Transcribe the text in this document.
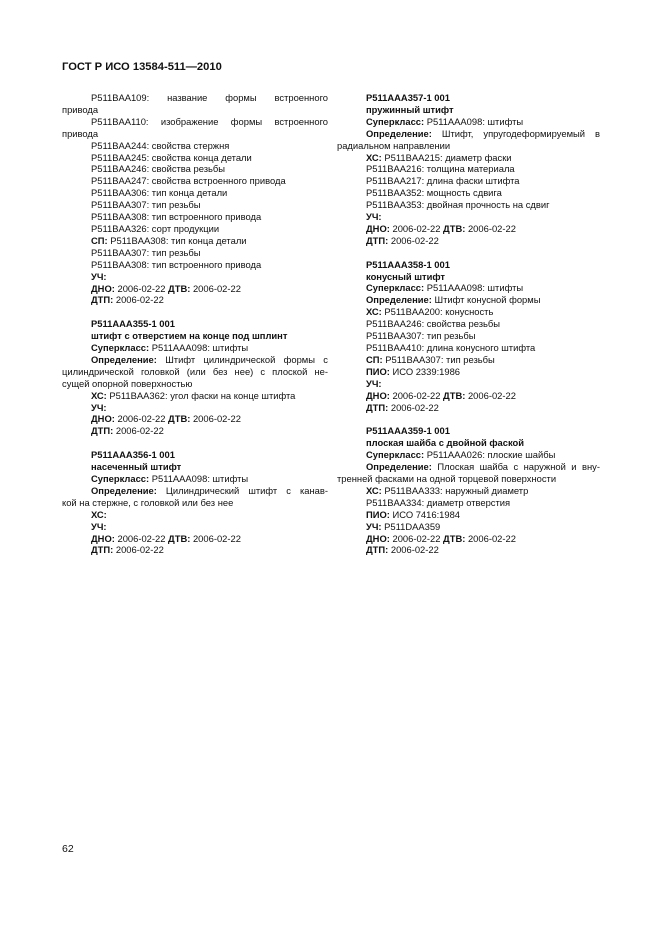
ГОСТ Р ИСО 13584-511—2010
P511BAA109: название формы встроенного
привода
P511BAA110: изображение формы встроенного
привода
P511BAA244: свойства стержня
P511BAA245: свойства конца детали
P511BAA246: свойства резьбы
P511BAA247: свойства встроенного привода
P511BAA306: тип конца детали
P511BAA307: тип резьбы
P511BAA308: тип встроенного привода
P511BAA326: сорт продукции
СП: P511BAA308: тип конца детали
P511BAA307: тип резьбы
P511BAA308: тип встроенного привода
УЧ:
ДНО: 2006-02-22 ДТВ: 2006-02-22
ДТП: 2006-02-22
P511AAA355-1 001
штифт с отверстием на конце под шплинт
Суперкласс: P511AAA098: штифты
Определение: Штифт цилиндрической формы с
цилиндрической головкой (или без нее) с плоской не-
сущей опорной поверхностью
ХС: P511BAA362: угол фаски на конце штифта
УЧ:
ДНО: 2006-02-22 ДТВ: 2006-02-22
ДТП: 2006-02-22
P511AAA356-1 001
насеченный штифт
Суперкласс: P511AAA098: штифты
Определение: Цилиндрический штифт с канав-
кой на стержне, с головкой или без нее
ХС:
УЧ:
ДНО: 2006-02-22 ДТВ: 2006-02-22
ДТП: 2006-02-22
P511AAA357-1 001
пружинный штифт
Суперкласс: P511AAA098: штифты
Определение: Штифт, упругодеформируемый в
радиальном направлении
ХС: P511BAA215: диаметр фаски
P511BAA216: толщина материала
P511BAA217: длина фаски штифта
P511BAA352: мощность сдвига
P511BAA353: двойная прочность на сдвиг
УЧ:
ДНО: 2006-02-22 ДТВ: 2006-02-22
ДТП: 2006-02-22
P511AAA358-1 001
конусный штифт
Суперкласс: P511AAA098: штифты
Определение: Штифт конусной формы
ХС: P511BAA200: конусность
P511BAA246: свойства резьбы
P511BAA307: тип резьбы
P511BAA410: длина конусного штифта
СП: P511BAA307: тип резьбы
ПИО: ИСО 2339:1986
УЧ:
ДНО: 2006-02-22 ДТВ: 2006-02-22
ДТП: 2006-02-22
P511AAA359-1 001
плоская шайба с двойной фаской
Суперкласс: P511AAA026: плоские шайбы
Определение: Плоская шайба с наружной и вну-
тренней фасками на одной торцевой поверхности
ХС: P511BAA333: наружный диаметр
P511BAA334: диаметр отверстия
ПИО: ИСО 7416:1984
УЧ: P511DAA359
ДНО: 2006-02-22 ДТВ: 2006-02-22
ДТП: 2006-02-22
62
